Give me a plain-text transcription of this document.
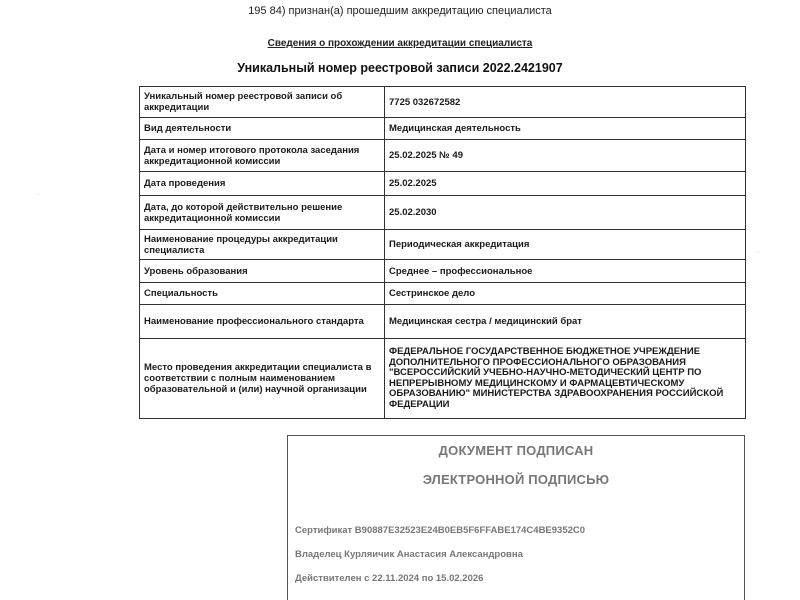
195 84) признан(а) прошедшим аккредитацию специалиста
Сведения о прохождении аккредитации специалиста
Уникальный номер реестровой записи 2022.2421907
Уникальный номер реестровой записи об аккредитации	7725 032672582
Вид деятельности	Медицинская деятельность
Дата и номер итогового протокола заседания аккредитационной комиссии	25.02.2025 № 49
Дата проведения	25.02.2025
Дата, до которой действительно решение аккредитационной комиссии	25.02.2030
Наименование процедуры аккредитации специалиста	Периодическая аккредитация
Уровень образования	Среднее – профессиональное
Специальность	Сестринское дело
Наименование профессионального стандарта	Медицинская сестра / медицинский брат
Место проведения аккредитации специалиста в соответствии с полным наименованием образовательной и (или) научной организации	ФЕДЕРАЛЬНОЕ ГОСУДАРСТВЕННОЕ БЮДЖЕТНОЕ УЧРЕЖДЕНИЕ ДОПОЛНИТЕЛЬНОГО ПРОФЕССИОНАЛЬНОГО ОБРАЗОВАНИЯ "ВСЕРОССИЙСКИЙ УЧЕБНО-НАУЧНО-МЕТОДИЧЕСКИЙ ЦЕНТР ПО НЕПРЕРЫВНОМУ МЕДИЦИНСКОМУ И ФАРМАЦЕВТИЧЕСКОМУ ОБРАЗОВАНИЮ" МИНИСТЕРСТВА ЗДРАВООХРАНЕНИЯ РОССИЙСКОЙ ФЕДЕРАЦИИ
ДОКУМЕНТ ПОДПИСАН
ЭЛЕКТРОННОЙ ПОДПИСЬЮ
Сертификат B90887E32523E24B0EB5F6FFABE174C4BE9352C0
Владелец Курляичик Анастасия Александровна
Действителен с 22.11.2024 по 15.02.2026
.
.
